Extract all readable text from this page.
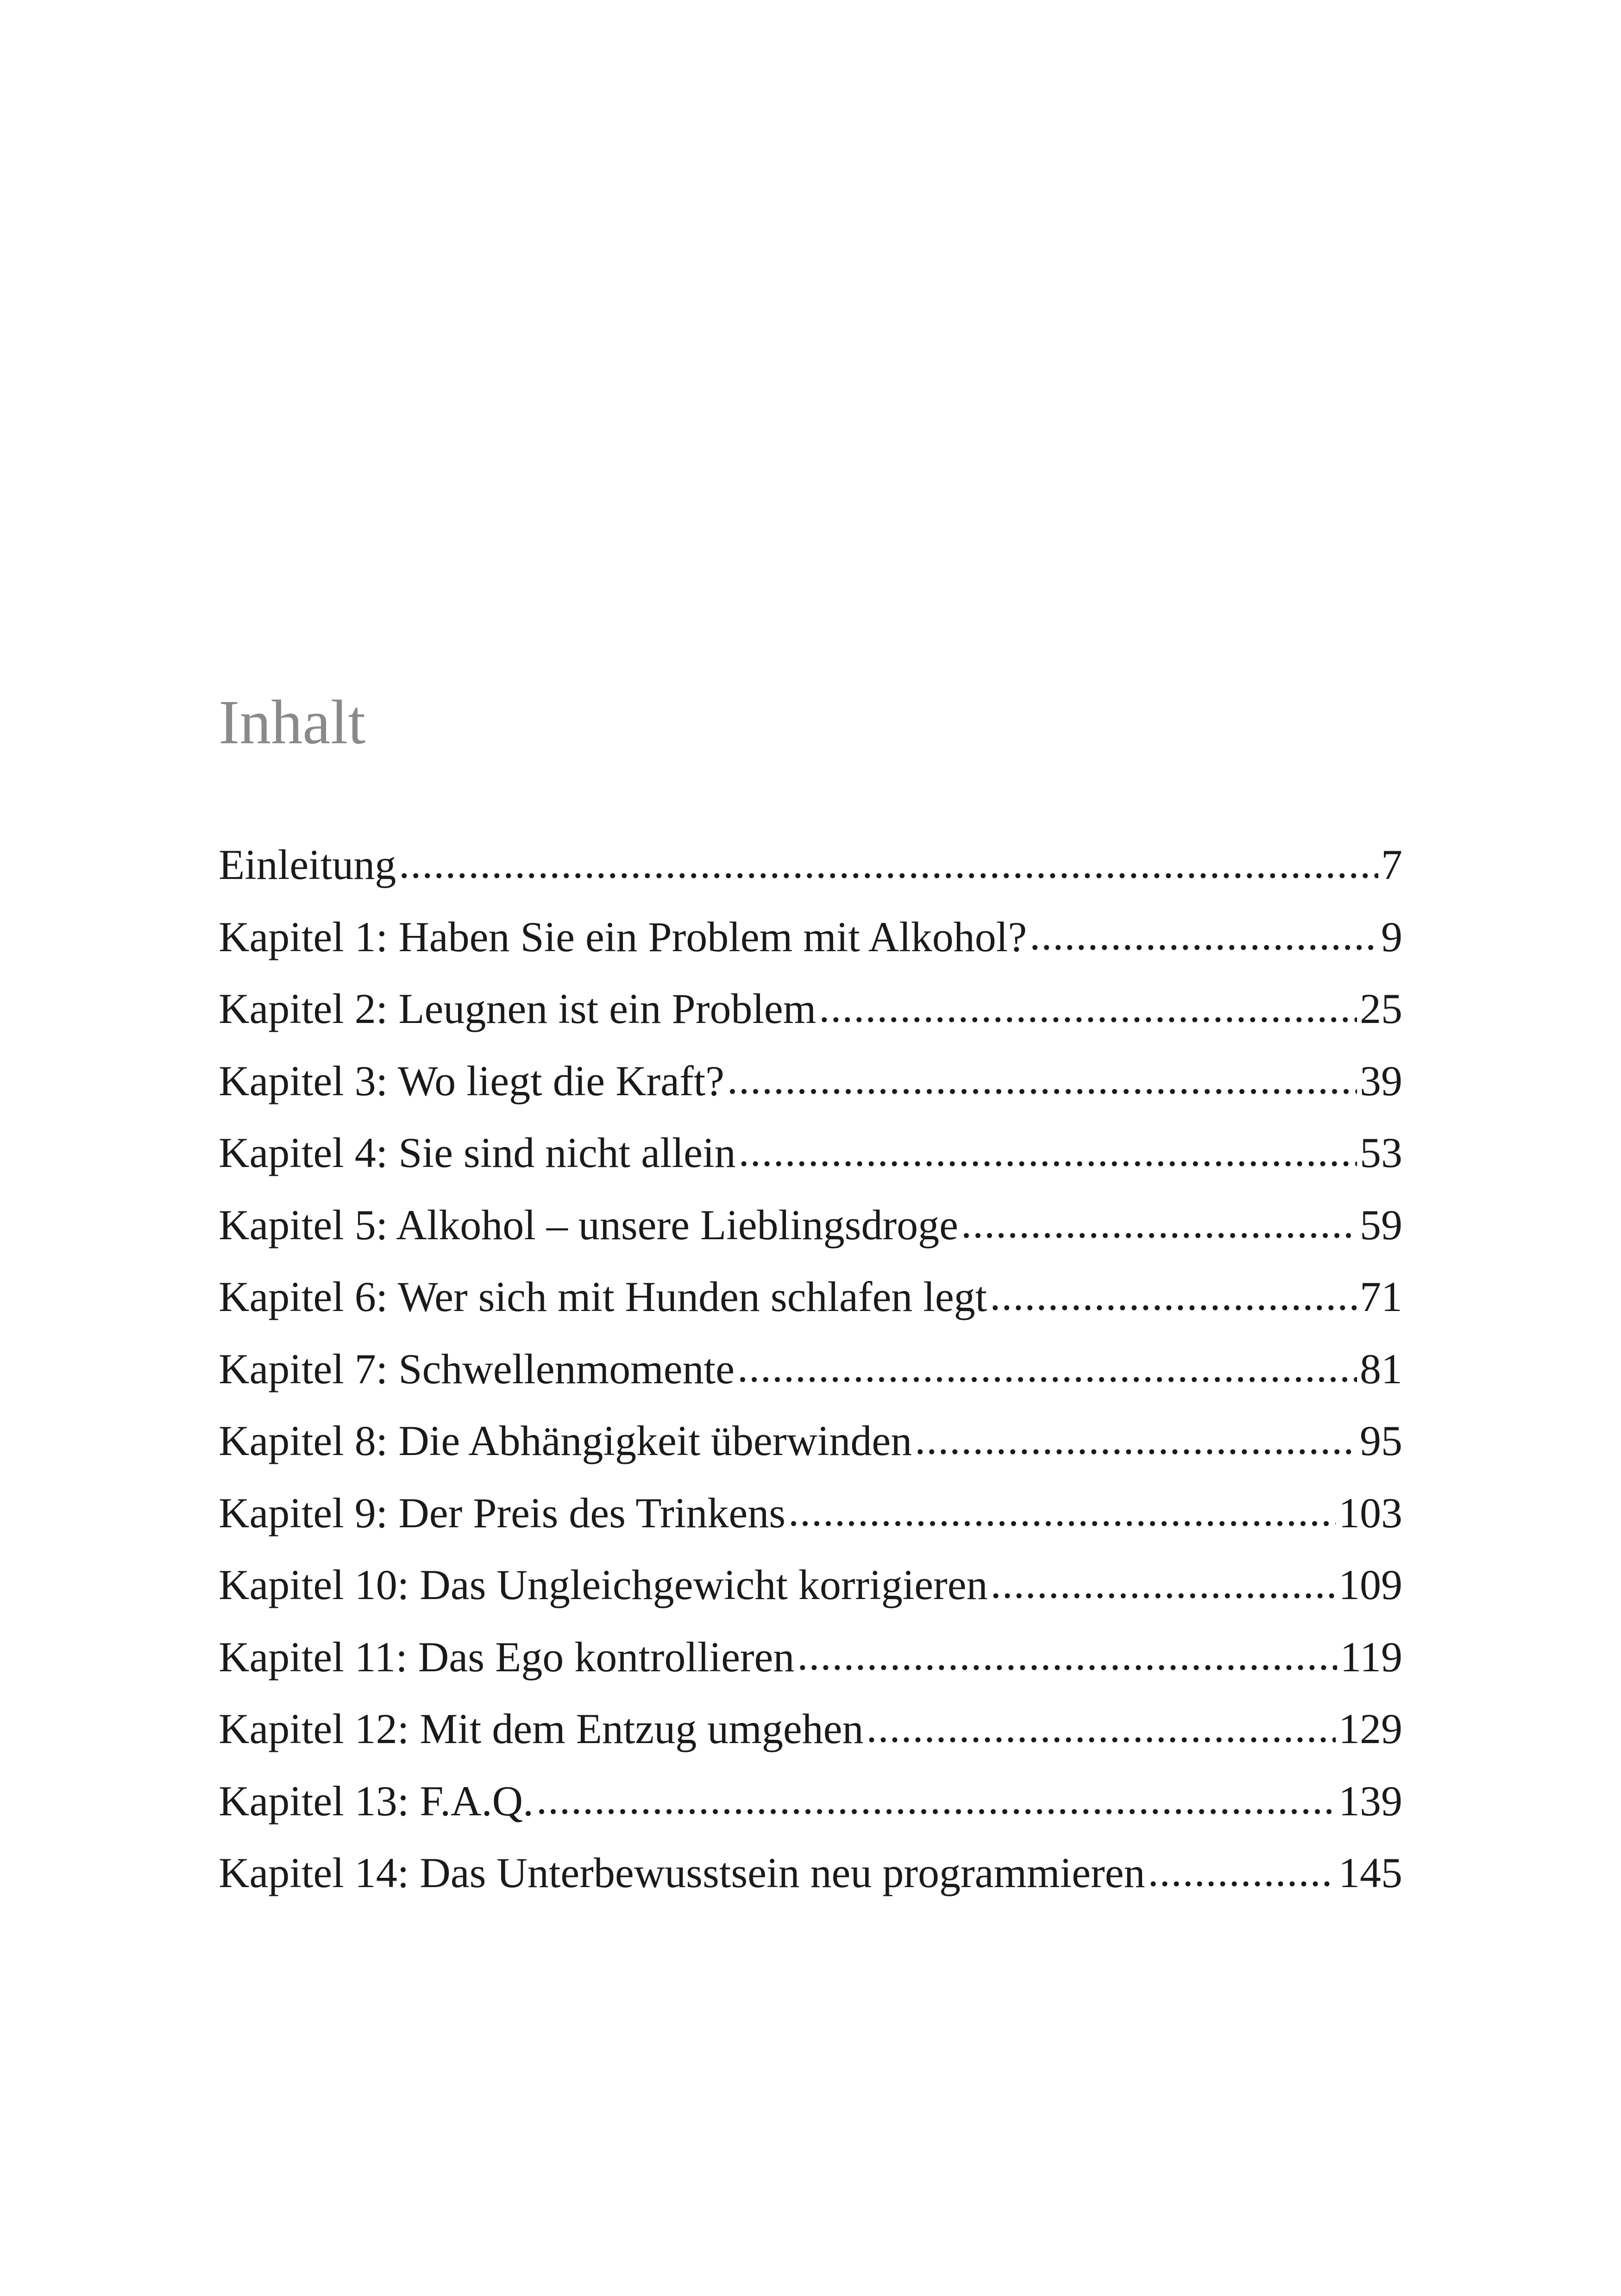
Inhalt
Einleitung .....	7
Kapitel 1: Haben Sie ein Problem mit Alkohol? .....	9
Kapitel 2: Leugnen ist ein Problem .....	25
Kapitel 3: Wo liegt die Kraft? .....	39
Kapitel 4: Sie sind nicht allein .....	53
Kapitel 5: Alkohol – unsere Lieblingsdroge .....	59
Kapitel 6: Wer sich mit Hunden schlafen legt .....	71
Kapitel 7: Schwellenmomente .....	81
Kapitel 8: Die Abhängigkeit überwinden .....	95
Kapitel 9: Der Preis des Trinkens .....	103
Kapitel 10: Das Ungleichgewicht korrigieren .....	109
Kapitel 11: Das Ego kontrollieren .....	119
Kapitel 12: Mit dem Entzug umgehen .....	129
Kapitel 13: F.A.Q. .....	139
Kapitel 14: Das Unterbewusstsein neu programmieren .....	145
